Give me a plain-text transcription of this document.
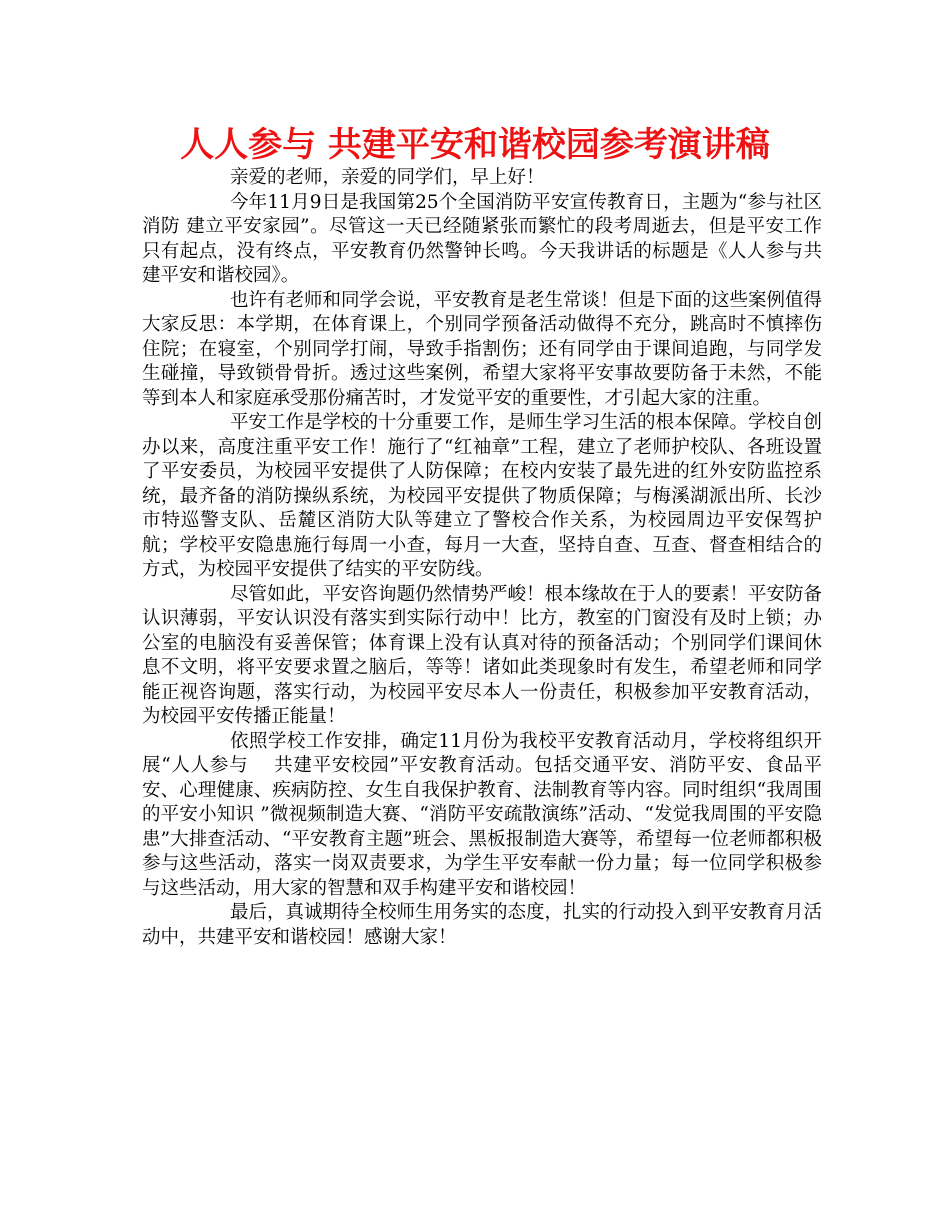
人人参与 共建平安和谐校园参考演讲稿

亲爱的老师，亲爱的同学们，早上好！

今年11月9日是我国第25个全国消防平安宣传教育日，主题为“参与社区消防 建立平安家园”。尽管这一天已经随紧张而繁忙的段考周逝去，但是平安工作只有起点，没有终点，平安教育仍然警钟长鸣。今天我讲话的标题是《人人参与共建平安和谐校园》。

也许有老师和同学会说，平安教育是老生常谈！但是下面的这些案例值得大家反思：本学期，在体育课上，个别同学预备活动做得不充分，跳高时不慎摔伤住院；在寝室，个别同学打闹，导致手指割伤；还有同学由于课间追跑，与同学发生碰撞，导致锁骨骨折。透过这些案例，希望大家将平安事故要防备于未然，不能等到本人和家庭承受那份痛苦时，才发觉平安的重要性，才引起大家的注重。

平安工作是学校的十分重要工作，是师生学习生活的根本保障。学校自创办以来，高度注重平安工作！施行了“红袖章”工程，建立了老师护校队、各班设置了平安委员，为校园平安提供了人防保障；在校内安装了最先进的红外安防监控系统，最齐备的消防操纵系统，为校园平安提供了物质保障；与梅溪湖派出所、长沙市特巡警支队、岳麓区消防大队等建立了警校合作关系，为校园周边平安保驾护航；学校平安隐患施行每周一小查，每月一大查，坚持自查、互查、督查相结合的方式，为校园平安提供了结实的平安防线。

尽管如此，平安咨询题仍然情势严峻！根本缘故在于人的要素！平安防备认识薄弱，平安认识没有落实到实际行动中！比方，教室的门窗没有及时上锁；办公室的电脑没有妥善保管；体育课上没有认真对待的预备活动；个别同学们课间休息不文明，将平安要求置之脑后，等等！诸如此类现象时有发生，希望老师和同学能正视咨询题，落实行动，为校园平安尽本人一份责任，积极参加平安教育活动，为校园平安传播正能量！

依照学校工作安排，确定11月份为我校平安教育活动月，学校将组织开展“人人参与　 共建平安校园”平安教育活动。包括交通平安、消防平安、食品平安、心理健康、疾病防控、女生自我保护教育、法制教育等内容。同时组织“我周围的平安小知识 ”微视频制造大赛、“消防平安疏散演练”活动、“发觉我周围的平安隐患”大排查活动、“平安教育主题”班会、黑板报制造大赛等，希望每一位老师都积极参与这些活动，落实一岗双责要求，为学生平安奉献一份力量；每一位同学积极参与这些活动，用大家的智慧和双手构建平安和谐校园！

最后，真诚期待全校师生用务实的态度，扎实的行动投入到平安教育月活动中，共建平安和谐校园！感谢大家！
